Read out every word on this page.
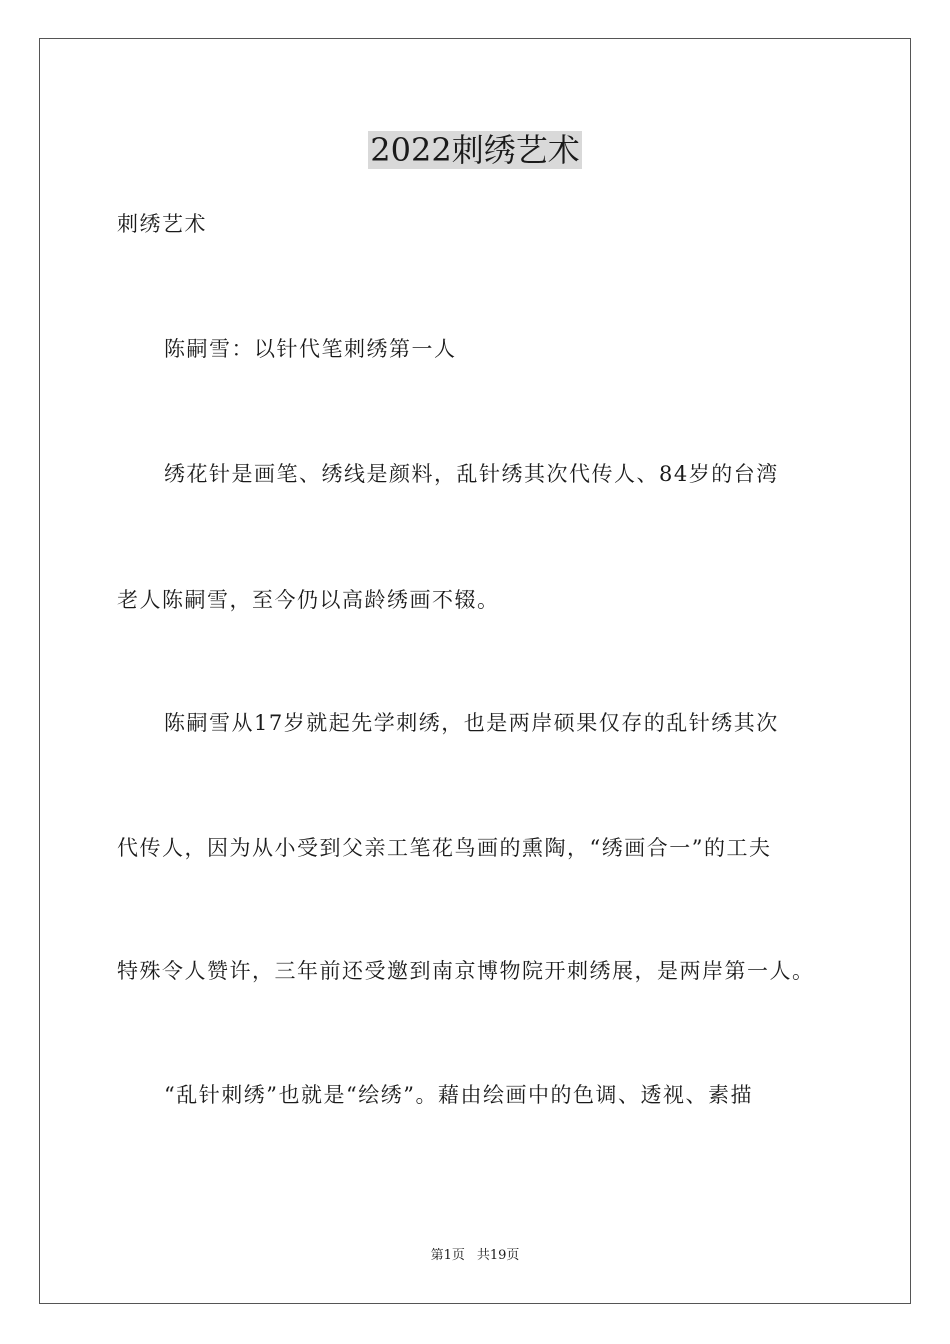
2022刺绣艺术
刺绣艺术
陈嗣雪：以针代笔刺绣第一人
绣花针是画笔、绣线是颜料，乱针绣其次代传人、84岁的台湾
老人陈嗣雪，至今仍以高龄绣画不辍。
陈嗣雪从17岁就起先学刺绣，也是两岸硕果仅存的乱针绣其次
代传人，因为从小受到父亲工笔花鸟画的熏陶，“绣画合一”的工夫
特殊令人赞许，三年前还受邀到南京博物院开刺绣展，是两岸第一人。
“乱针刺绣”也就是“绘绣”。藉由绘画中的色调、透视、素描
第1页 共19页
